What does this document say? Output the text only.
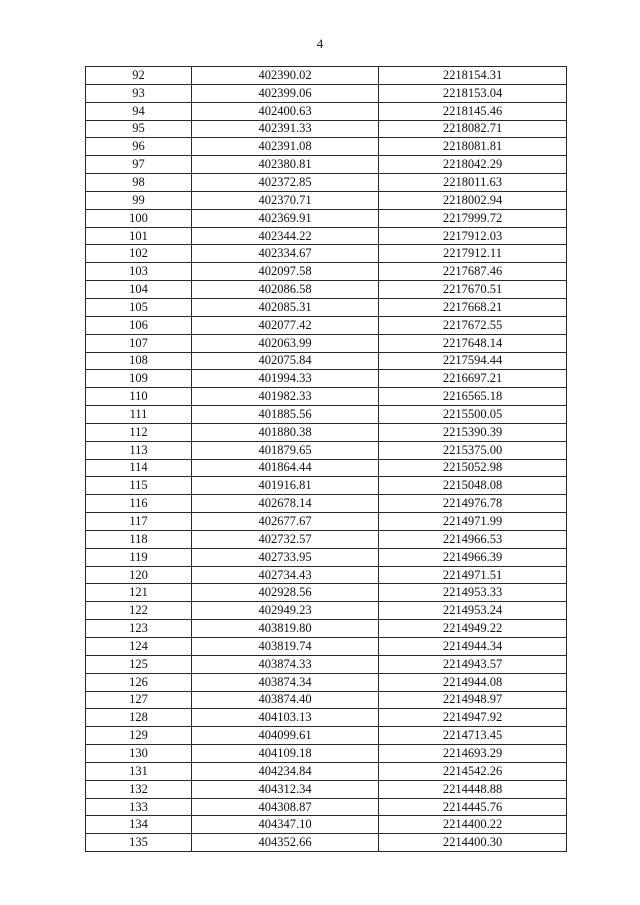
4
92	402390.02	2218154.31
93	402399.06	2218153.04
94	402400.63	2218145.46
95	402391.33	2218082.71
96	402391.08	2218081.81
97	402380.81	2218042.29
98	402372.85	2218011.63
99	402370.71	2218002.94
100	402369.91	2217999.72
101	402344.22	2217912.03
102	402334.67	2217912.11
103	402097.58	2217687.46
104	402086.58	2217670.51
105	402085.31	2217668.21
106	402077.42	2217672.55
107	402063.99	2217648.14
108	402075.84	2217594.44
109	401994.33	2216697.21
110	401982.33	2216565.18
111	401885.56	2215500.05
112	401880.38	2215390.39
113	401879.65	2215375.00
114	401864.44	2215052.98
115	401916.81	2215048.08
116	402678.14	2214976.78
117	402677.67	2214971.99
118	402732.57	2214966.53
119	402733.95	2214966.39
120	402734.43	2214971.51
121	402928.56	2214953.33
122	402949.23	2214953.24
123	403819.80	2214949.22
124	403819.74	2214944.34
125	403874.33	2214943.57
126	403874.34	2214944.08
127	403874.40	2214948.97
128	404103.13	2214947.92
129	404099.61	2214713.45
130	404109.18	2214693.29
131	404234.84	2214542.26
132	404312.34	2214448.88
133	404308.87	2214445.76
134	404347.10	2214400.22
135	404352.66	2214400.30
